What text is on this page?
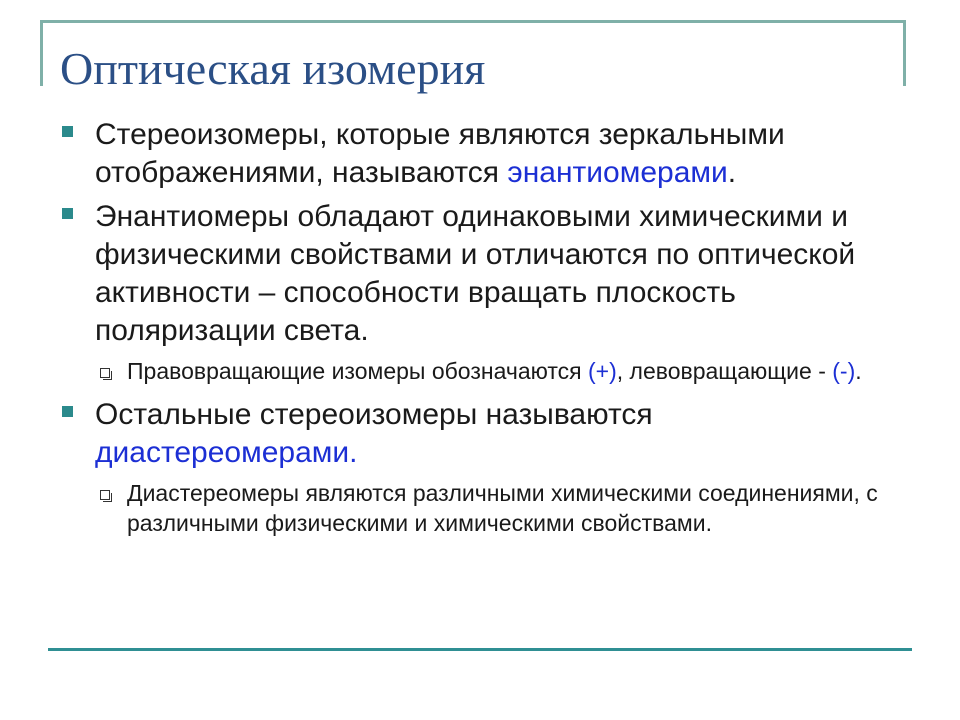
Оптическая изомерия
Стереоизомеры, которые являются зеркальными отображениями, называются энантиомерами.
Энантиомеры обладают одинаковыми химическими и физическими свойствами и отличаются по оптической активности – способности вращать плоскость поляризации света.
Правовращающие изомеры обозначаются (+), левовращающие - (-).
Остальные стереоизомеры называются диастереомерами.
Диастереомеры являются различными химическими соединениями, с различными физическими и химическими свойствами.
